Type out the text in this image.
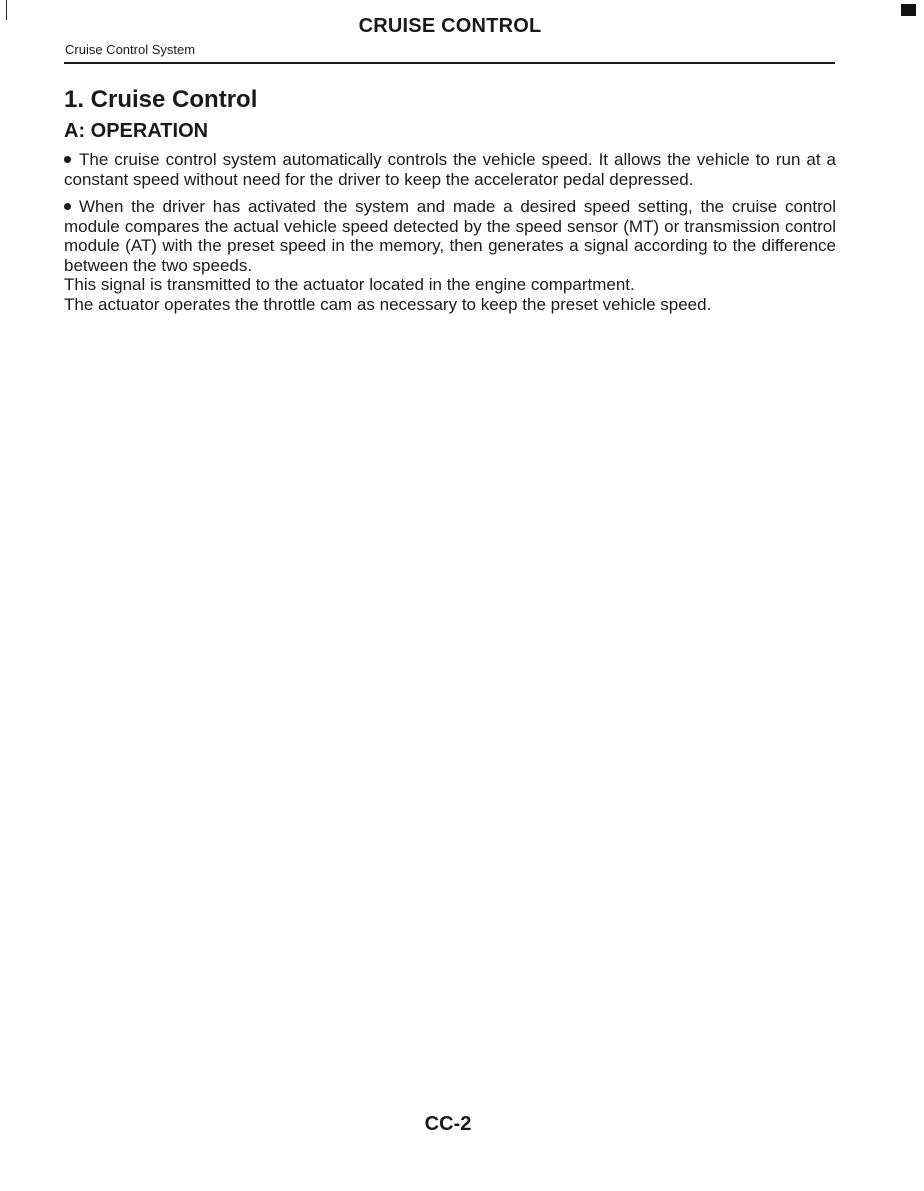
CRUISE CONTROL
Cruise Control System
1. Cruise Control
A: OPERATION

The cruise control system automatically controls the vehicle speed. It allows the vehicle to run at a constant speed without need for the driver to keep the accelerator pedal depressed.

When the driver has activated the system and made a desired speed setting, the cruise control module compares the actual vehicle speed detected by the speed sensor (MT) or transmission control module (AT) with the preset speed in the memory, then generates a signal according to the difference between the two speeds.

This signal is transmitted to the actuator located in the engine compartment.

The actuator operates the throttle cam as necessary to keep the preset vehicle speed.

CC-2
